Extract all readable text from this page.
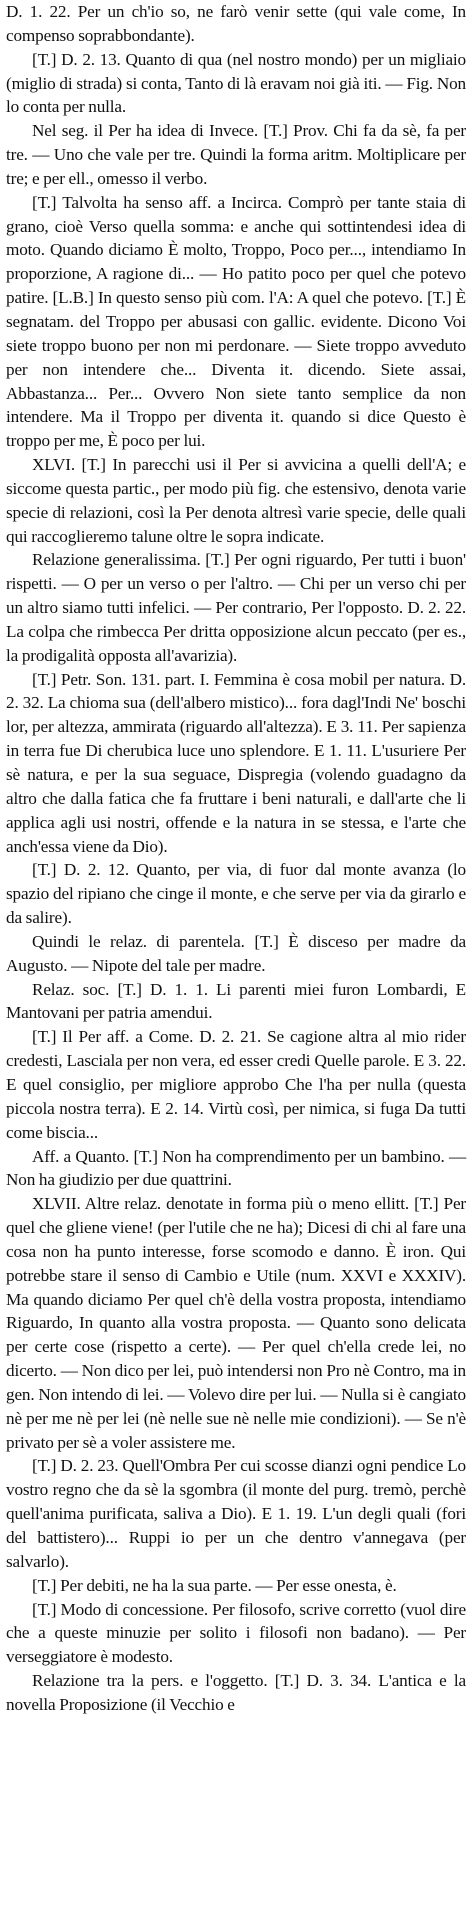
D. 1. 22. Per un ch'io so, ne farò venir sette (qui vale come, In compenso soprabbondante).

[T.] D. 2. 13. Quanto di qua (nel nostro mondo) per un migliaio (miglio di strada) si conta, Tanto di là eravam noi già iti. — Fig. Non lo conta per nulla.

Nel seg. il Per ha idea di Invece. [T.] Prov. Chi fa da sè, fa per tre. — Uno che vale per tre. Quindi la forma aritm. Moltiplicare per tre; e per ell., omesso il verbo.

[T.] Talvolta ha senso aff. a Incirca. Comprò per tante staia di grano, cioè Verso quella somma: e anche qui sottintendesi idea di moto. Quando diciamo È molto, Troppo, Poco per..., intendiamo In proporzione, A ragione di... — Ho patito poco per quel che potevo patire. [L.B.] In questo senso più com. l'A: A quel che potevo. [T.] È segnatam. del Troppo per abusasi con gallic. evidente. Dicono Voi siete troppo buono per non mi perdonare. — Siete troppo avveduto per non intendere che... Diventa it. dicendo. Siete assai, Abbastanza... Per... Ovvero Non siete tanto semplice da non intendere. Ma il Troppo per diventa it. quando si dice Questo è troppo per me, È poco per lui.

XLVI. [T.] In parecchi usi il Per si avvicina a quelli dell'A; e siccome questa partic., per modo più fig. che estensivo, denota varie specie di relazioni, così la Per denota altresì varie specie, delle quali qui raccoglieremo talune oltre le sopra indicate.

Relazione generalissima. [T.] Per ogni riguardo, Per tutti i buon' rispetti. — O per un verso o per l'altro. — Chi per un verso chi per un altro siamo tutti infelici. — Per contrario, Per l'opposto. D. 2. 22. La colpa che rimbecca Per dritta opposizione alcun peccato (per es., la prodigalità opposta all'avarizia).

[T.] Petr. Son. 131. part. I. Femmina è cosa mobil per natura. D. 2. 32. La chioma sua (dell'albero mistico)... fora dagl'Indi Ne' boschi lor, per altezza, ammirata (riguardo all'altezza). E 3. 11. Per sapienza in terra fue Di cherubica luce uno splendore. E 1. 11. L'usuriere Per sè natura, e per la sua seguace, Dispregia (volendo guadagno da altro che dalla fatica che fa fruttare i beni naturali, e dall'arte che li applica agli usi nostri, offende e la natura in se stessa, e l'arte che anch'essa viene da Dio).

[T.] D. 2. 12. Quanto, per via, di fuor dal monte avanza (lo spazio del ripiano che cinge il monte, e che serve per via da girarlo e da salire).

Quindi le relaz. di parentela. [T.] È disceso per madre da Augusto. — Nipote del tale per madre.

Relaz. soc. [T.] D. 1. 1. Li parenti miei furon Lombardi, E Mantovani per patria amendui.

[T.] Il Per aff. a Come. D. 2. 21. Se cagione altra al mio rider credesti, Lasciala per non vera, ed esser credi Quelle parole. E 3. 22. E quel consiglio, per migliore approbo Che l'ha per nulla (questa piccola nostra terra). E 2. 14. Virtù così, per nimica, si fuga Da tutti come biscia...

Aff. a Quanto. [T.] Non ha comprendimento per un bambino. — Non ha giudizio per due quattrini.

XLVII. Altre relaz. denotate in forma più o meno ellitt. [T.] Per quel che gliene viene! (per l'utile che ne ha); Dicesi di chi al fare una cosa non ha punto interesse, forse scomodo e danno. È iron. Qui potrebbe stare il senso di Cambio e Utile (num. XXVI e XXXIV). Ma quando diciamo Per quel ch'è della vostra proposta, intendiamo Riguardo, In quanto alla vostra proposta. — Quanto sono delicata per certe cose (rispetto a certe). — Per quel ch'ella crede lei, no dicerto. — Non dico per lei, può intendersi non Pro nè Contro, ma in gen. Non intendo di lei. — Volevo dire per lui. — Nulla si è cangiato nè per me nè per lei (nè nelle sue nè nelle mie condizioni). — Se n'è privato per sè a voler assistere me.

[T.] D. 2. 23. Quell'Ombra Per cui scosse dianzi ogni pendice Lo vostro regno che da sè la sgombra (il monte del purg. tremò, perchè quell'anima purificata, saliva a Dio). E 1. 19. L'un degli quali (fori del battistero)... Ruppi io per un che dentro v'annegava (per salvarlo).

[T.] Per debiti, ne ha la sua parte. — Per esse onesta, è.

[T.] Modo di concessione. Per filosofo, scrive corretto (vuol dire che a queste minuzie per solito i filosofi non badano). — Per verseggiatore è modesto.

Relazione tra la pers. e l'oggetto. [T.] D. 3. 34. L'antica e la novella Proposizione (il Vecchio e
